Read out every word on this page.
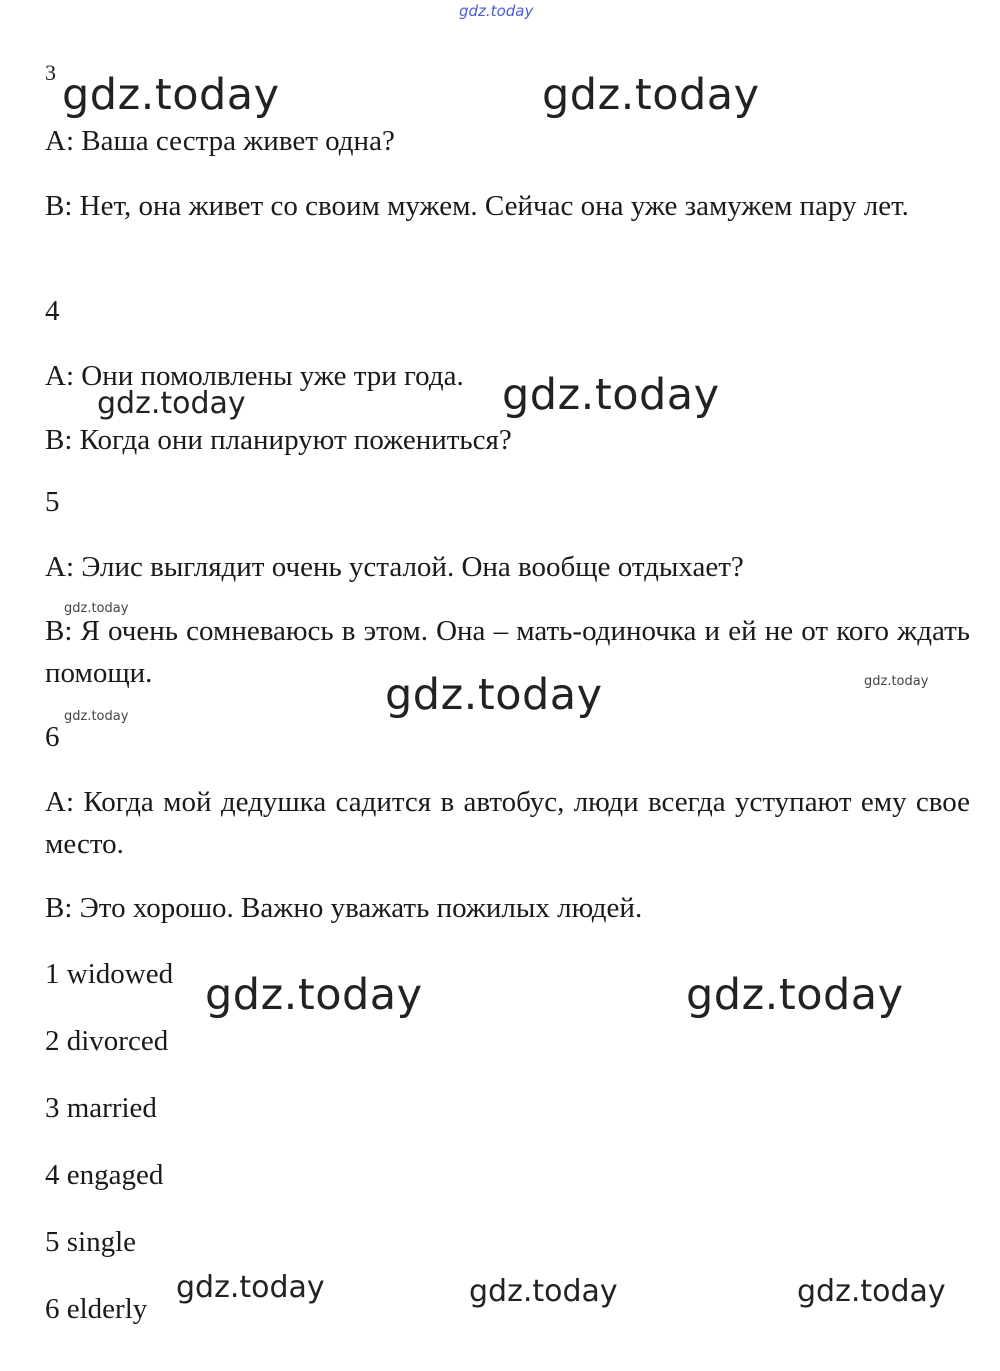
gdz.today
gdz.today	gdz.today
gdz.today	gdz.today
gdz.today
gdz.today	gdz.today
gdz.today
gdz.today	gdz.today
gdz.today	gdz.today	gdz.today
3

А: Ваша сестра живет одна?

В: Нет, она живет со своим мужем. Сейчас она уже замужем пару лет.

4

А: Они помолвлены уже три года.

В: Когда они планируют пожениться?

5

А: Элис выглядит очень усталой. Она вообще отдыхает?

В: Я очень сомневаюсь в этом. Она – мать-одиночка и ей не от кого ждать помощи.

6

А: Когда мой дедушка садится в автобус, люди всегда уступают ему свое место.

В: Это хорошо. Важно уважать пожилых людей.

1 widowed

2 divorced

3 married

4 engaged

5 single

6 elderly
